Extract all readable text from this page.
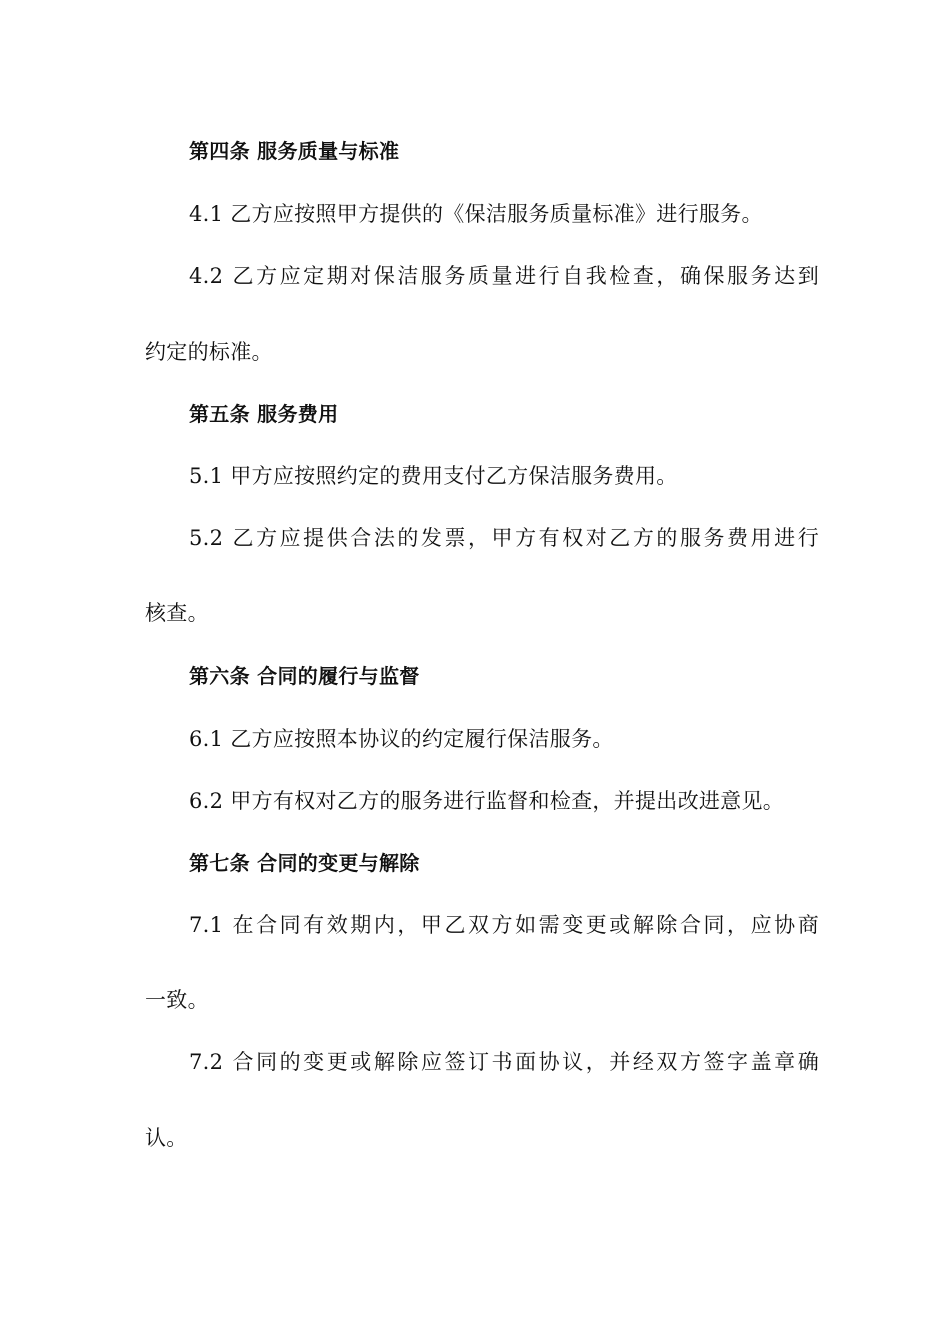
第四条 服务质量与标准
4.1 乙方应按照甲方提供的《保洁服务质量标准》进行服务。
4.2 乙方应定期对保洁服务质量进行自我检查，确保服务达到
约定的标准。
第五条 服务费用
5.1 甲方应按照约定的费用支付乙方保洁服务费用。
5.2 乙方应提供合法的发票，甲方有权对乙方的服务费用进行
核查。
第六条 合同的履行与监督
6.1 乙方应按照本协议的约定履行保洁服务。
6.2 甲方有权对乙方的服务进行监督和检查，并提出改进意见。
第七条 合同的变更与解除
7.1 在合同有效期内，甲乙双方如需变更或解除合同，应协商
一致。
7.2 合同的变更或解除应签订书面协议，并经双方签字盖章确
认。
